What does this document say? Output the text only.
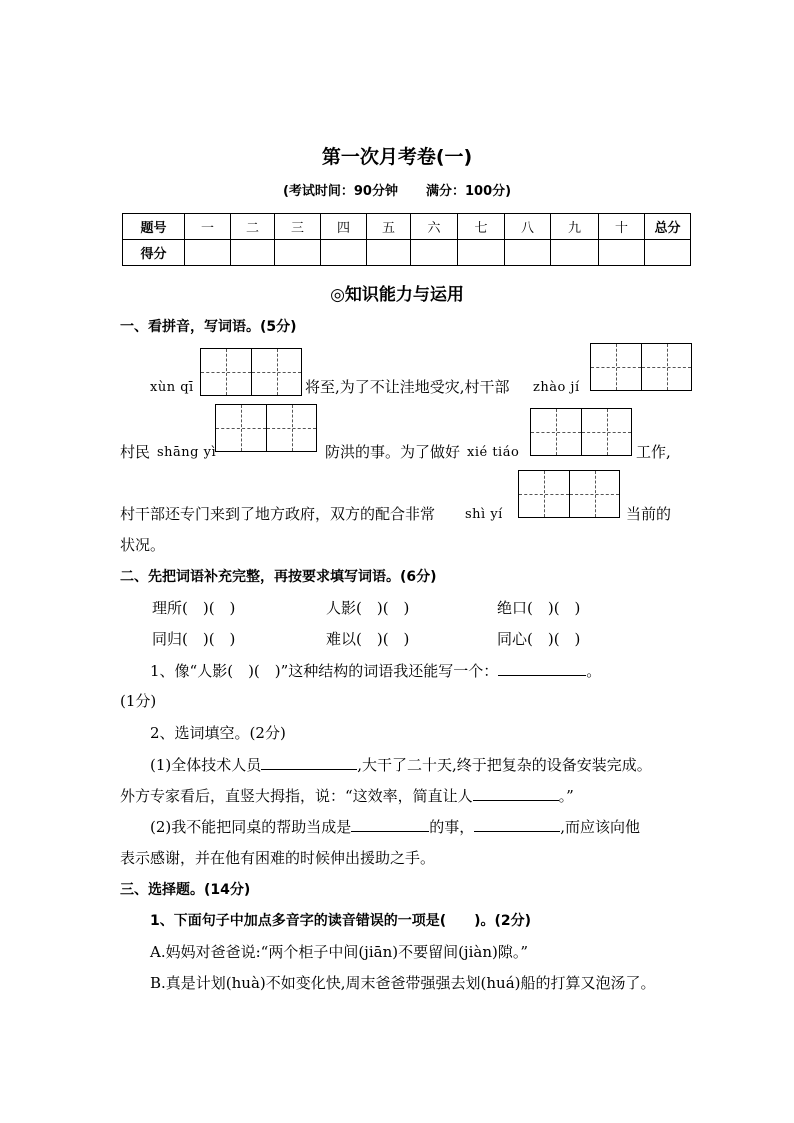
第一次月考卷(一)
(考试时间：90分钟 满分：100分)
题号	一	二	三	四	五	六	七	八	九	十	总分
得分											
◎知识能力与运用
一、看拼音，写词语。(5分)
xùn qī	将至,为了不让洼地受灾,村干部 zhào jí
村民 shāng yì	防洪的事。为了做好 xié tiáo	工作,
村干部还专门来到了地方政府，双方的配合非常 shì yí	当前的
状况。
二、先把词语补充完整，再按要求填写词语。(6分)
理所(　)(　)	人影(　)(　)	绝口(　)(　)
同归(　)(　)	难以(　)(　)	同心(　)(　)
1、像“人影(　)(　)”这种结构的词语我还能写一个：	。
(1分)
2、选词填空。(2分)
(1)全体技术人员	,大干了二十天,终于把复杂的设备安装完成。
外方专家看后，直竖大拇指，说：“这效率，简直让人	。”
(2)我不能把同桌的帮助当成是	的事，	,而应该向他
表示感谢，并在他有困难的时候伸出援助之手。
三、选择题。(14分)
1、下面句子中加点多音字的读音错误的一项是(　　)。(2分)
A.妈妈对爸爸说:“两个柜子中间(jiān)不要留间(jiàn)隙。”
B.真是计划(huà)不如变化快,周末爸爸带强强去划(huá)船的打算又泡汤了。
